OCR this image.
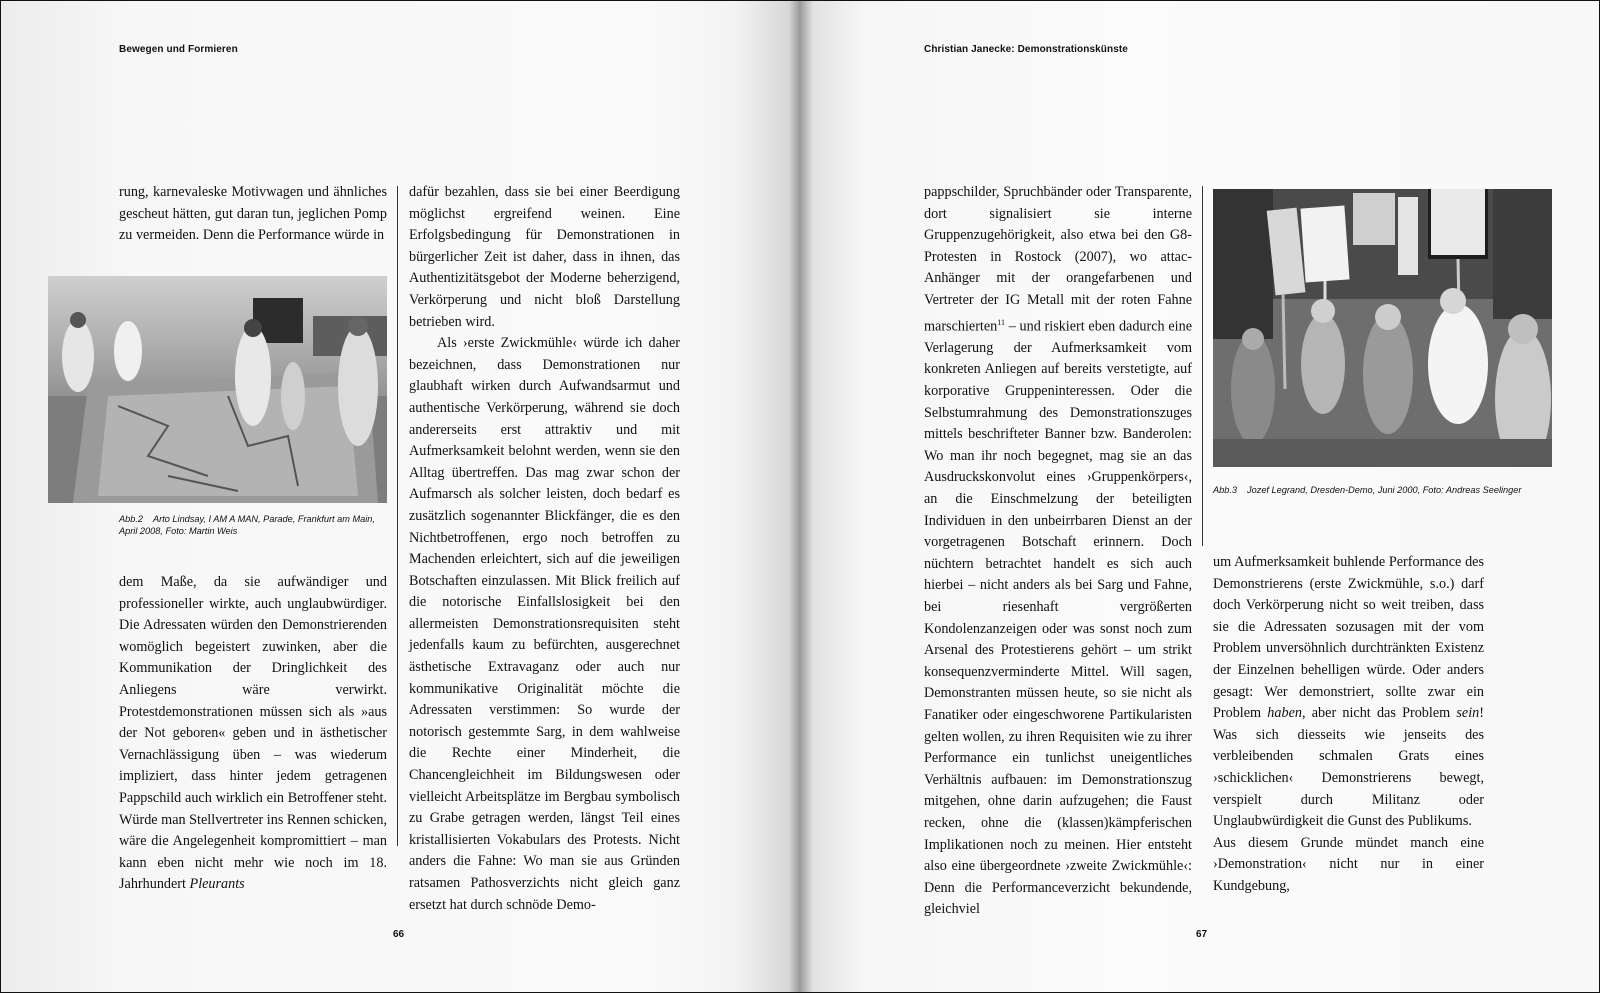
Bewegen und Formieren

rung, karnevaleske Motivwagen und ähnliches gescheut hätten, gut daran tun, jeglichen Pomp zu vermeiden. Denn die Performance würde in

Abb.2 Arto Lindsay, I AM A MAN, Parade, Frankfurt am Main, April 2008, Foto: Martin Weis

dem Maße, da sie aufwändiger und professioneller wirkte, auch unglaubwürdiger. Die Adressaten würden den Demonstrierenden womöglich begeistert zuwinken, aber die Kommunikation der Dringlichkeit des Anliegens wäre verwirkt. Protestdemonstrationen müssen sich als »aus der Not geboren« geben und in ästhetischer Vernachlässigung üben – was wiederum impliziert, dass hinter jedem getragenen Pappschild auch wirklich ein Betroffener steht. Würde man Stellvertreter ins Rennen schicken, wäre die Angelegenheit kompromittiert – man kann eben nicht mehr wie noch im 18. Jahrhundert Pleurants

dafür bezahlen, dass sie bei einer Beerdigung möglichst ergreifend weinen. Eine Erfolgsbedingung für Demonstrationen in bürgerlicher Zeit ist daher, dass in ihnen, das Authentizitätsgebot der Moderne beherzigend, Verkörperung und nicht bloß Darstellung betrieben wird.

Als ›erste Zwickmühle‹ würde ich daher bezeichnen, dass Demonstrationen nur glaubhaft wirken durch Aufwandsarmut und authentische Verkörperung, während sie doch andererseits erst attraktiv und mit Aufmerksamkeit belohnt werden, wenn sie den Alltag übertreffen. Das mag zwar schon der Aufmarsch als solcher leisten, doch bedarf es zusätzlich sogenannter Blickfänger, die es den Nichtbetroffenen, ergo noch betroffen zu Machenden erleichtert, sich auf die jeweiligen Botschaften einzulassen. Mit Blick freilich auf die notorische Einfallslosigkeit bei den allermeisten Demonstrationsrequisiten steht jedenfalls kaum zu befürchten, ausgerechnet ästhetische Extravaganz oder auch nur kommunikative Originalität möchte die Adressaten verstimmen: So wurde der notorisch gestemmte Sarg, in dem wahlweise die Rechte einer Minderheit, die Chancengleichheit im Bildungswesen oder vielleicht Arbeitsplätze im Bergbau symbolisch zu Grabe getragen werden, längst Teil eines kristallisierten Vokabulars des Protests. Nicht anders die Fahne: Wo man sie aus Gründen ratsamen Pathosverzichts nicht gleich ganz ersetzt hat durch schnöde Demo-

66
Christian Janecke: Demonstrationskünste

pappschilder, Spruchbänder oder Transparente, dort signalisiert sie interne Gruppenzugehörigkeit, also etwa bei den G8-Protesten in Rostock (2007), wo attac-Anhänger mit der orangefarbenen und Vertreter der IG Metall mit der roten Fahne marschierten$^{11}$ – und riskiert eben dadurch eine Verlagerung der Aufmerksamkeit vom konkreten Anliegen auf bereits verstetigte, auf korporative Gruppeninteressen. Oder die Selbstumrahmung des Demonstrationszuges mittels beschrifteter Banner bzw. Banderolen: Wo man ihr noch begegnet, mag sie an das Ausdruckskonvolut eines ›Gruppenkörpers‹, an die Einschmelzung der beteiligten Individuen in den unbeirrbaren Dienst an der vorgetragenen Botschaft erinnern. Doch nüchtern betrachtet handelt es sich auch hierbei – nicht anders als bei Sarg und Fahne, bei riesenhaft vergrößerten Kondolenzanzeigen oder was sonst noch zum Arsenal des Protestierens gehört – um strikt konsequenzverminderte Mittel. Will sagen, Demonstranten müssen heute, so sie nicht als Fanatiker oder eingeschworene Partikularisten gelten wollen, zu ihren Requisiten wie zu ihrer Performance ein tunlichst uneigentliches Verhältnis aufbauen: im Demonstrationszug mitgehen, ohne darin aufzugehen; die Faust recken, ohne die (klassen)kämpferischen Implikationen noch zu meinen. Hier entsteht also eine übergeordnete ›zweite Zwickmühle‹: Denn die Performanceverzicht bekundende, gleichviel

Abb.3 Jozef Legrand, Dresden-Demo, Juni 2000, Foto: Andreas Seelinger

um Aufmerksamkeit buhlende Performance des Demonstrierens (erste Zwickmühle, s.o.) darf doch Verkörperung nicht so weit treiben, dass sie die Adressaten sozusagen mit der vom Problem unversöhnlich durchtränkten Existenz der Einzelnen behelligen würde. Oder anders gesagt: Wer demonstriert, sollte zwar ein Problem haben, aber nicht das Problem sein! Was sich diesseits wie jenseits des verbleibenden schmalen Grats eines ›schicklichen‹ Demonstrierens bewegt, verspielt durch Militanz oder Unglaubwürdigkeit die Gunst des Publikums.

Aus diesem Grunde mündet manch eine ›Demonstration‹ nicht nur in einer Kundgebung,

67
